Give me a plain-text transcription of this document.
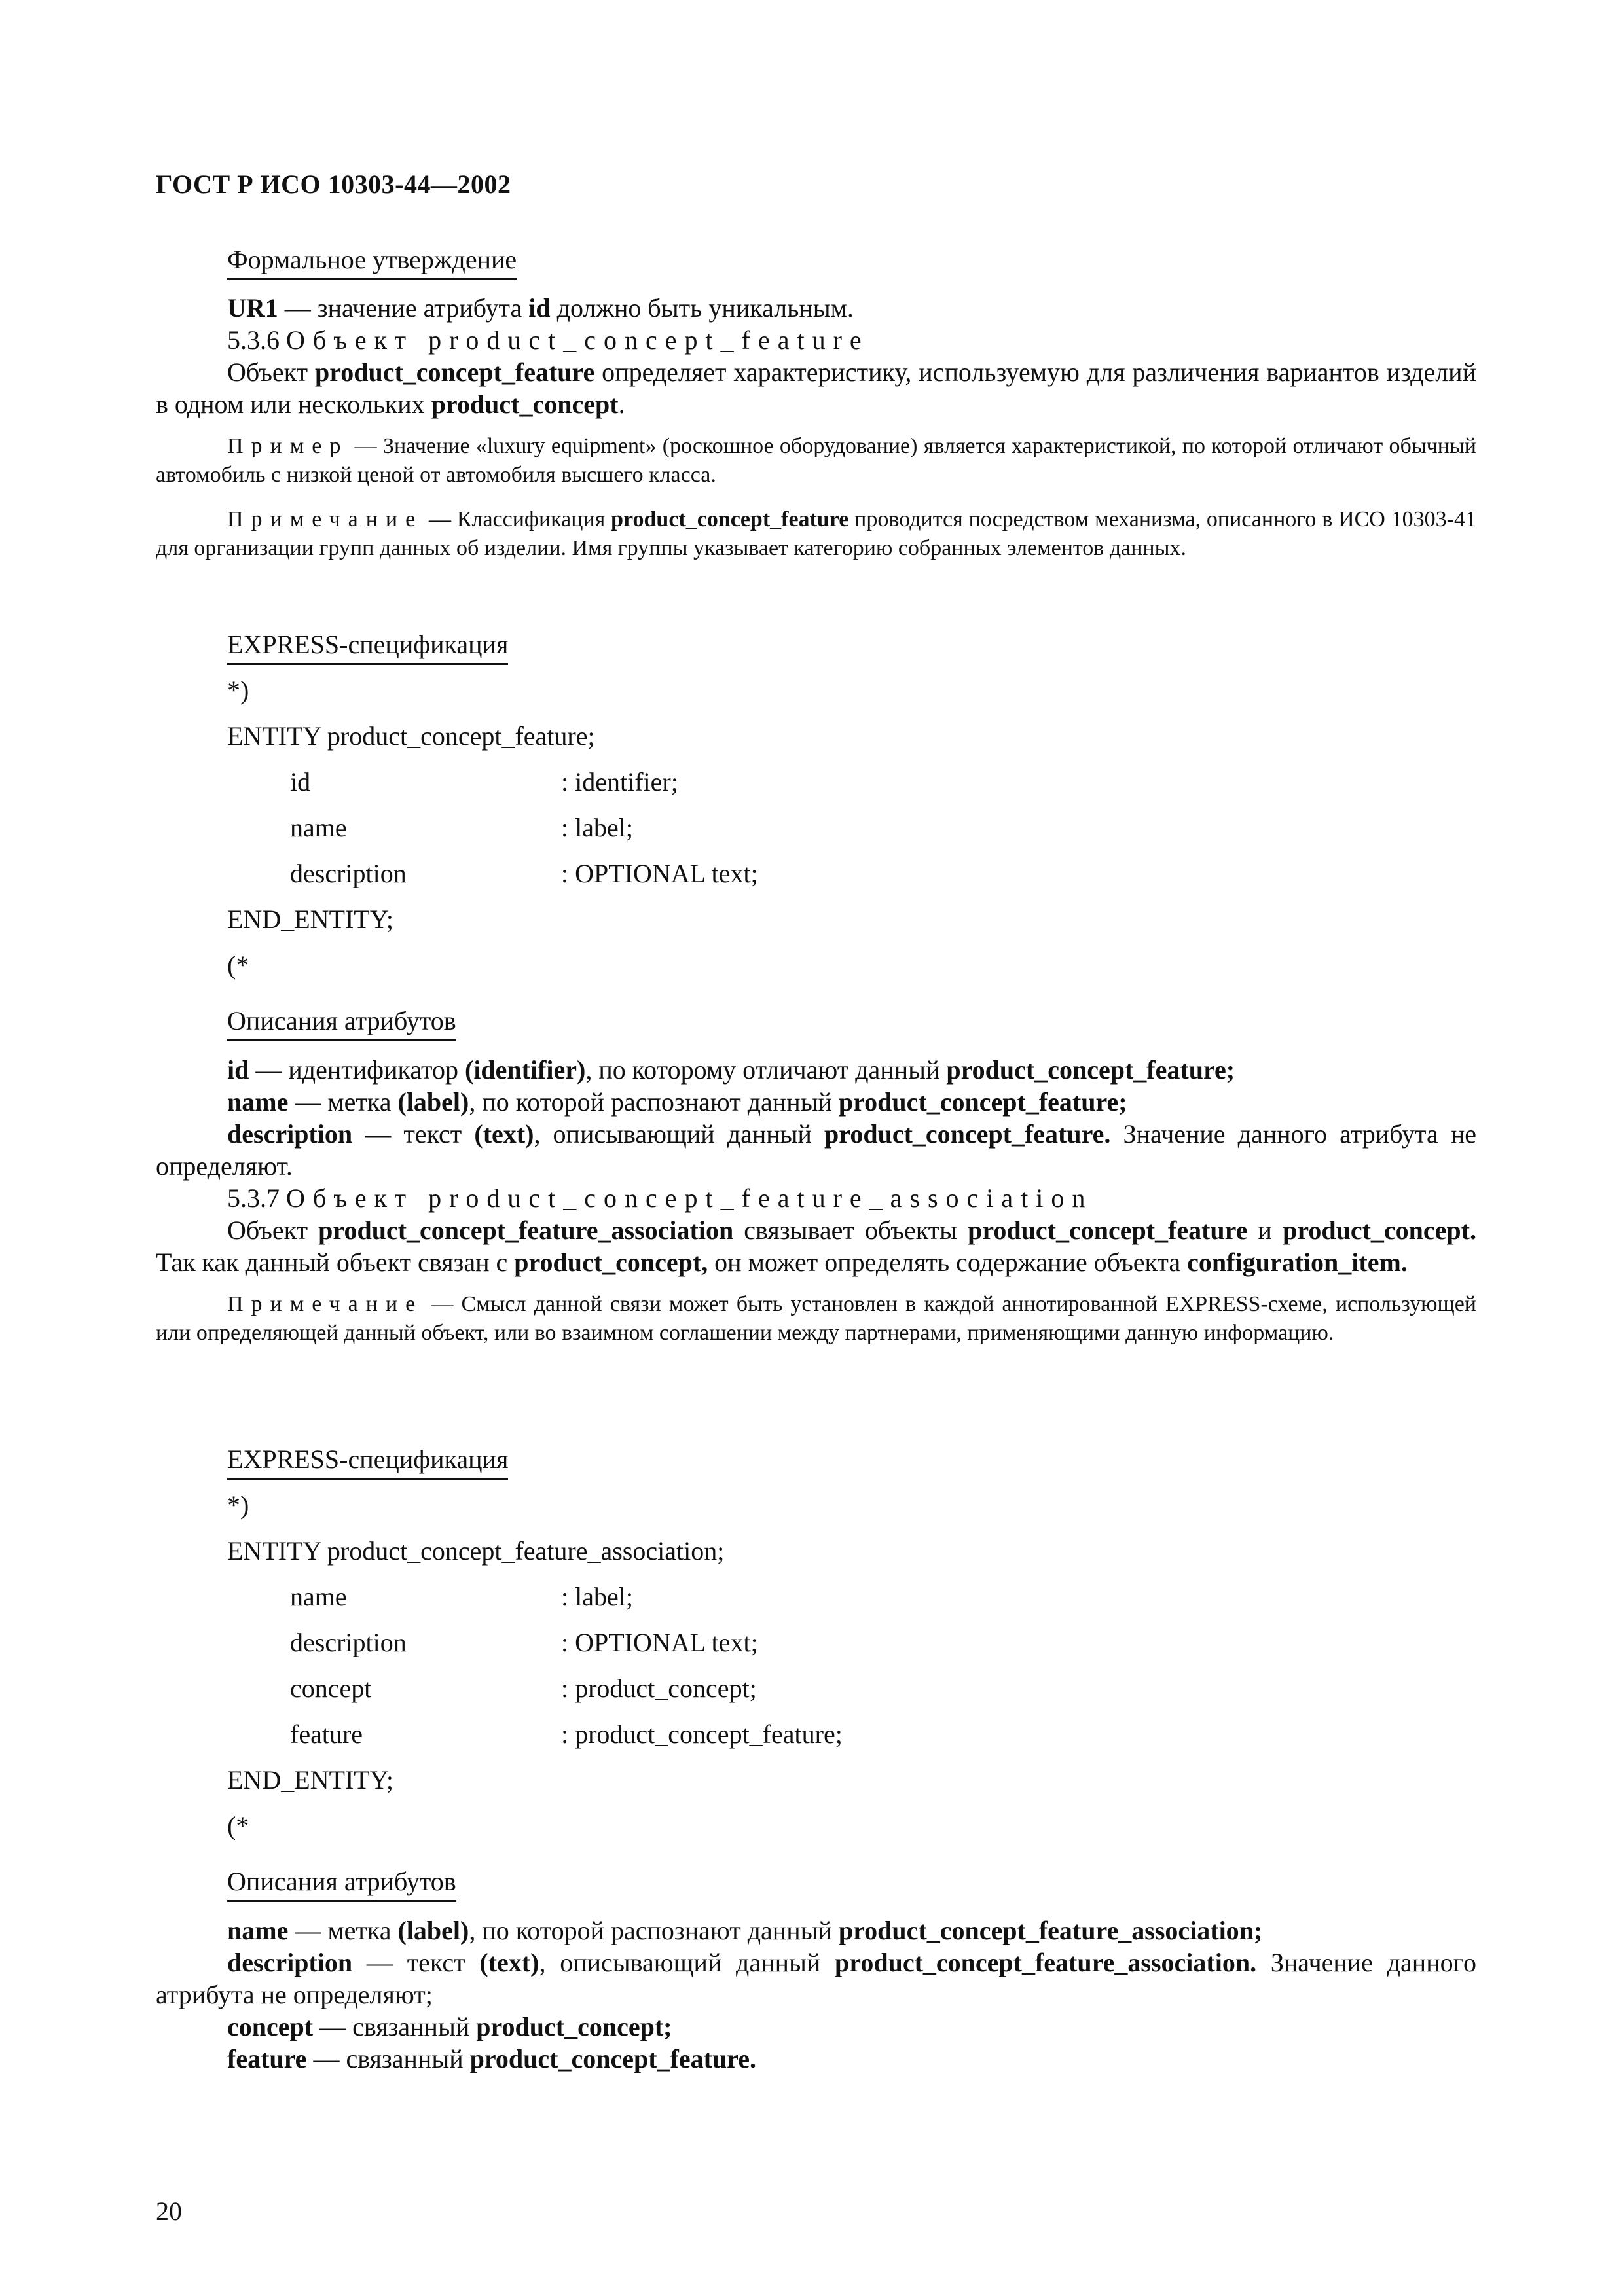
ГОСТ Р ИСО 10303-44—2002
Формальное утверждение

UR1 — значение атрибута id должно быть уникальным.

5.3.6 Объект product_concept_feature

Объект product_concept_feature определяет характеристику, используемую для различения вариантов изделий в одном или нескольких product_concept.

Пример — Значение «luxury equipment» (роскошное оборудование) является характеристикой, по которой отличают обычный автомобиль с низкой ценой от автомобиля высшего класса.

Примечание — Классификация product_concept_feature проводится посредством механизма, описанного в ИСО 10303-41 для организации групп данных об изделии. Имя группы указывает категорию собранных элементов данных.

EXPRESS-спецификация
*)
ENTITY product_concept_feature;
id	: identifier;
name	: label;
description	: OPTIONAL text;
END_ENTITY;
(*
Описания атрибутов

id — идентификатор (identifier), по которому отличают данный product_concept_feature;

name — метка (label), по которой распознают данный product_concept_feature;

description — текст (text), описывающий данный product_concept_feature. Значение данного атрибута не определяют.

5.3.7 Объект product_concept_feature_association

Объект product_concept_feature_association связывает объекты product_concept_feature и product_concept. Так как данный объект связан с product_concept, он может определять содержание объекта configuration_item.

Примечание — Смысл данной связи может быть установлен в каждой аннотированной EXPRESS-схеме, использующей или определяющей данный объект, или во взаимном соглашении между партнерами, применяющими данную информацию.

EXPRESS-спецификация
*)
ENTITY product_concept_feature_association;
name	: label;
description	: OPTIONAL text;
concept	: product_concept;
feature	: product_concept_feature;
END_ENTITY;
(*
Описания атрибутов

name — метка (label), по которой распознают данный product_concept_feature_association;

description — текст (text), описывающий данный product_concept_feature_association. Значение данного атрибута не определяют;

concept — связанный product_concept;

feature — связанный product_concept_feature.

20
